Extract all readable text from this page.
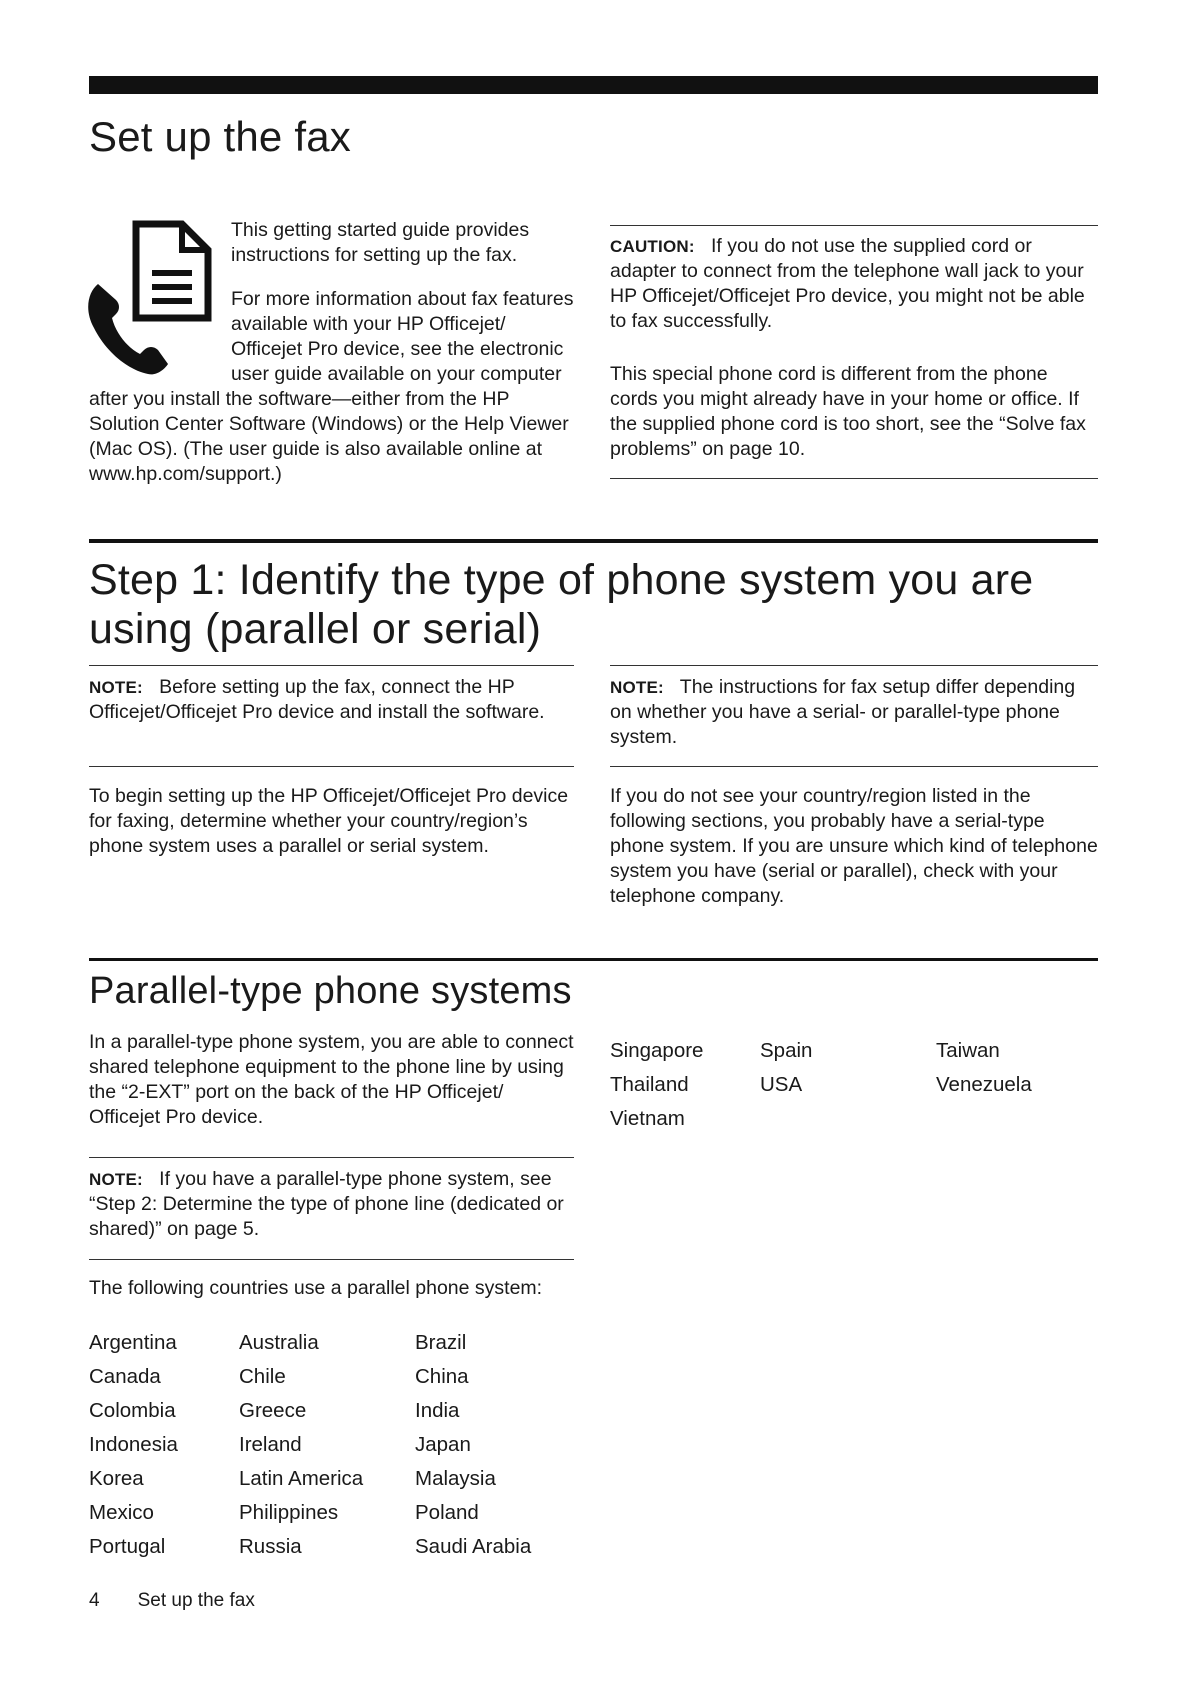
Set up the fax

This getting started guide provides instructions for setting up the fax.

For more information about fax features available with your HP Officejet/ Officejet Pro device, see the electronic user guide available on your computer

after you install the software—either from the HP Solution Center Software (Windows) or the Help Viewer (Mac OS). (The user guide is also available online at www.hp.com/support.)

CAUTION: If you do not use the supplied cord or adapter to connect from the telephone wall jack to your HP Officejet/Officejet Pro device, you might not be able to fax successfully.

This special phone cord is different from the phone cords you might already have in your home or office. If the supplied phone cord is too short, see the “Solve fax problems” on page 10.

Step 1: Identify the type of phone system you are using (parallel or serial)

NOTE: Before setting up the fax, connect the HP Officejet/Officejet Pro device and install the software.

NOTE: The instructions for fax setup differ depending on whether you have a serial- or parallel-type phone system.

To begin setting up the HP Officejet/Officejet Pro device for faxing, determine whether your country/region’s phone system uses a parallel or serial system.

If you do not see your country/region listed in the following sections, you probably have a serial-type phone system. If you are unsure which kind of telephone system you have (serial or parallel), check with your telephone company.

Parallel-type phone systems

In a parallel-type phone system, you are able to connect shared telephone equipment to the phone line by using the “2-EXT” port on the back of the HP Officejet/ Officejet Pro device.

NOTE: If you have a parallel-type phone system, see “Step 2: Determine the type of phone line (dedicated or shared)” on page 5.

The following countries use a parallel phone system:

Argentina	Australia	Brazil
Canada	Chile	China
Colombia	Greece	India
Indonesia	Ireland	Japan
Korea	Latin America	Malaysia
Mexico	Philippines	Poland
Portugal	Russia	Saudi Arabia
Singapore	Spain	Taiwan
Thailand	USA	Venezuela
Vietnam
4 Set up the fax
